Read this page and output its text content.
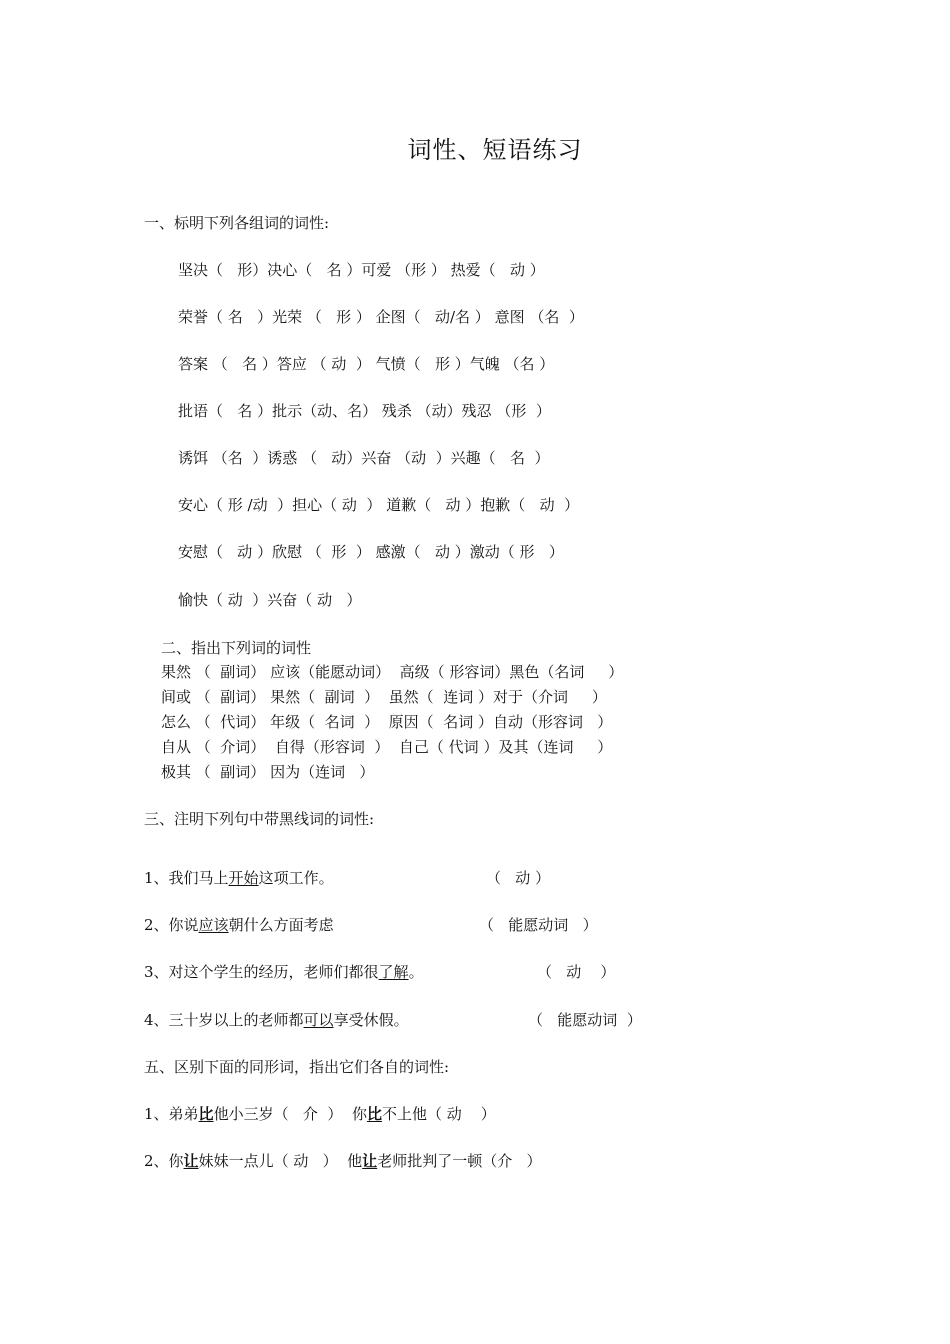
词性、短语练习
一、标明下列各组词的词性:
坚决（   形）决心（   名 ）可爱 （形 ） 热爱（   动 ）
荣誉（ 名   ）光荣 （   形 ） 企图（   动/名 ） 意图 （名  ）
答案 （   名 ）答应 （ 动  ） 气愤（   形 ）气魄 （名 ）
批语（   名 ）批示（动、名） 残杀 （动）残忍 （形  ）
诱饵 （名  ）诱惑 （   动）兴奋 （动  ）兴趣（   名  ）
安心（ 形 /动  ）担心（ 动  ） 道歉（   动 ）抱歉（   动  ）
安慰（   动 ）欣慰 （  形  ） 感激（   动 ）激动（ 形   ）
愉快（ 动  ）兴奋（ 动   ）
二、指出下列词的词性
果然 （  副词） 应该（能愿动词）  高级（ 形容词）黑色（名词     ）
间或 （  副词） 果然（  副词  ）  虽然（  连词 ）对于（介词     ）
怎么 （  代词） 年级（  名词  ）  原因（  名词 ）自动（形容词   ）
自从 （  介词）  自得（形容词  ）  自己（ 代词 ）及其（连词     ）
极其 （  副词） 因为（连词   ）
三、注明下列句中带黑线词的词性:
1、我们马上开始这项工作。	（   动 ）
2、你说应该朝什么方面考虑	（   能愿动词   ）
3、对这个学生的经历，老师们都很了解。	（   动    ）
4、三十岁以上的老师都可以享受休假。	（   能愿动词  ）
五、区别下面的同形词，指出它们各自的词性:
1、弟弟比他小三岁（   介  ）  你比不上他（ 动    ）
2、你让妹妹一点儿（ 动   ）  他让老师批判了一顿（介   ）
